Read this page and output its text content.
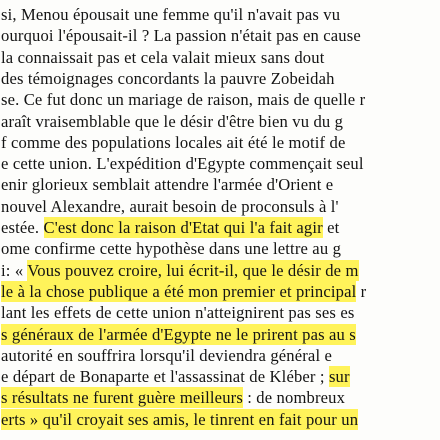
si, Menou épousait une femme qu'il n'avait pas vu
ourquoi l'épousait-il ? La passion n'était pas en cause
la connaissait pas et cela valait mieux sans dout
des témoignages concordants la pauvre Zobeidah
se. Ce fut donc un mariage de raison, mais de quelle r
araît vraisemblable que le désir d'être bien vu du g
f comme des populations locales ait été le motif de
e cette union. L'expédition d'Egypte commençait seul
enir glorieux semblait attendre l'armée d'Orient e
nouvel Alexandre, aurait besoin de proconsuls à l'
estée. C'est donc la raison d'Etat qui l'a fait agir et
ome confirme cette hypothèse dans une lettre au g
i: « Vous pouvez croire, lui écrit-il, que le désir de m
le à la chose publique a été mon premier et principal r
lant les effets de cette union n'atteignirent pas ses es
s généraux de l'armée d'Egypte ne le prirent pas au s
autorité en souffrira lorsqu'il deviendra général e
e départ de Bonaparte et l'assassinat de Kléber ; sur
s résultats ne furent guère meilleurs : de nombreux
erts » qu'il croyait ses amis, le tinrent en fait pour un
